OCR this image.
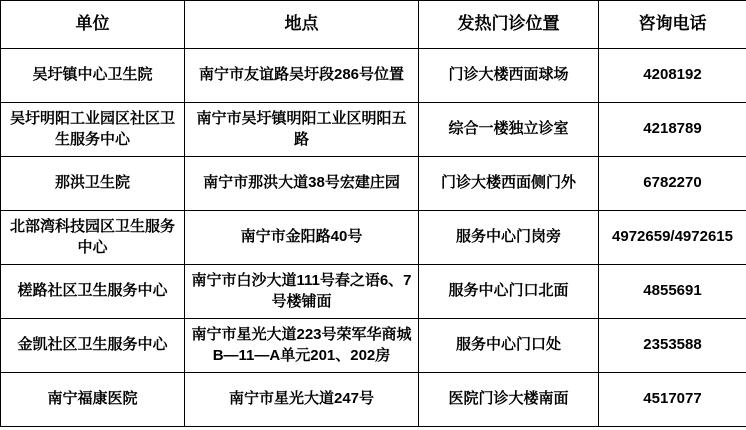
单位	地点	发热门诊位置	咨询电话
吴圩镇中心卫生院	南宁市友谊路吴圩段286号位置	门诊大楼西面球场	4208192
吴圩明阳工业园区社区卫生服务中心	南宁市吴圩镇明阳工业区明阳五路	综合一楼独立诊室	4218789
那洪卫生院	南宁市那洪大道38号宏建庄园	门诊大楼西面侧门外	6782270
北部湾科技园区卫生服务中心	南宁市金阳路40号	服务中心门岗旁	4972659/4972615
槎路社区卫生服务中心	南宁市白沙大道111号春之语6、7号楼铺面	服务中心门口北面	4855691
金凯社区卫生服务中心	南宁市星光大道223号荣军华商城B—11—A单元201、202房	服务中心门口处	2353588
南宁福康医院	南宁市星光大道247号	医院门诊大楼南面	4517077
